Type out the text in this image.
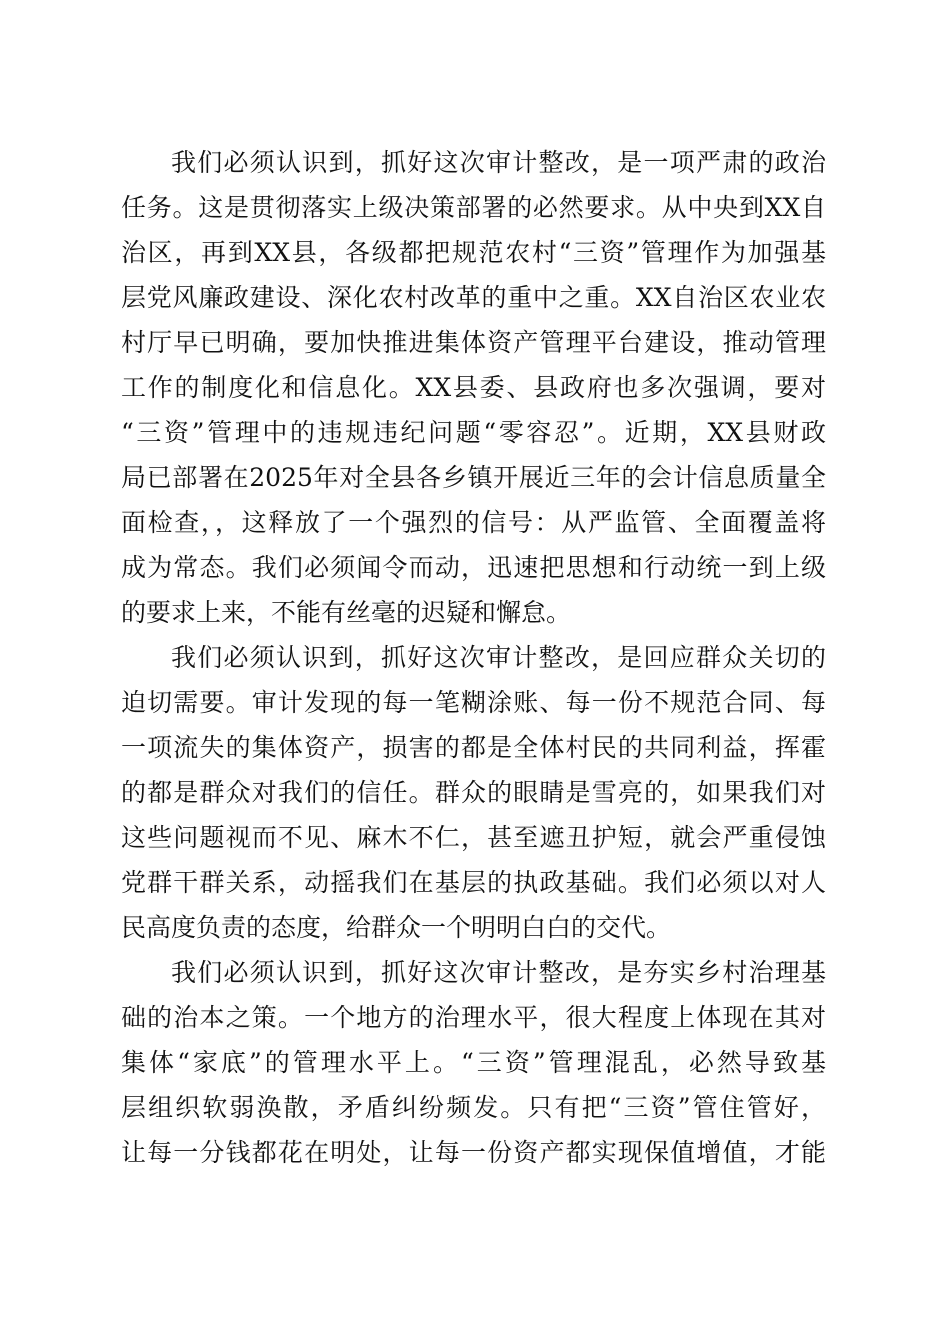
我们必须认识到，抓好这次审计整改，是一项严肃的政治
任务。这是贯彻落实上级决策部署的必然要求。从中央到XX自
治区，再到XX县，各级都把规范农村“三资”管理作为加强基
层党风廉政建设、深化农村改革的重中之重。XX自治区农业农
村厅早已明确，要加快推进集体资产管理平台建设，推动管理
工作的制度化和信息化。XX县委、县政府也多次强调，要对
“三资”管理中的违规违纪问题“零容忍”。近期，XX县财政
局已部署在2025年对全县各乡镇开展近三年的会计信息质量全
面检查，，这释放了一个强烈的信号：从严监管、全面覆盖将
成为常态。我们必须闻令而动，迅速把思想和行动统一到上级
的要求上来，不能有丝毫的迟疑和懈怠。
我们必须认识到，抓好这次审计整改，是回应群众关切的
迫切需要。审计发现的每一笔糊涂账、每一份不规范合同、每
一项流失的集体资产，损害的都是全体村民的共同利益，挥霍
的都是群众对我们的信任。群众的眼睛是雪亮的，如果我们对
这些问题视而不见、麻木不仁，甚至遮丑护短，就会严重侵蚀
党群干群关系，动摇我们在基层的执政基础。我们必须以对人
民高度负责的态度，给群众一个明明白白的交代。
我们必须认识到，抓好这次审计整改，是夯实乡村治理基
础的治本之策。一个地方的治理水平，很大程度上体现在其对
集体“家底”的管理水平上。“三资”管理混乱，必然导致基
层组织软弱涣散，矛盾纠纷频发。只有把“三资”管住管好，
让每一分钱都花在明处，让每一份资产都实现保值增值，才能
